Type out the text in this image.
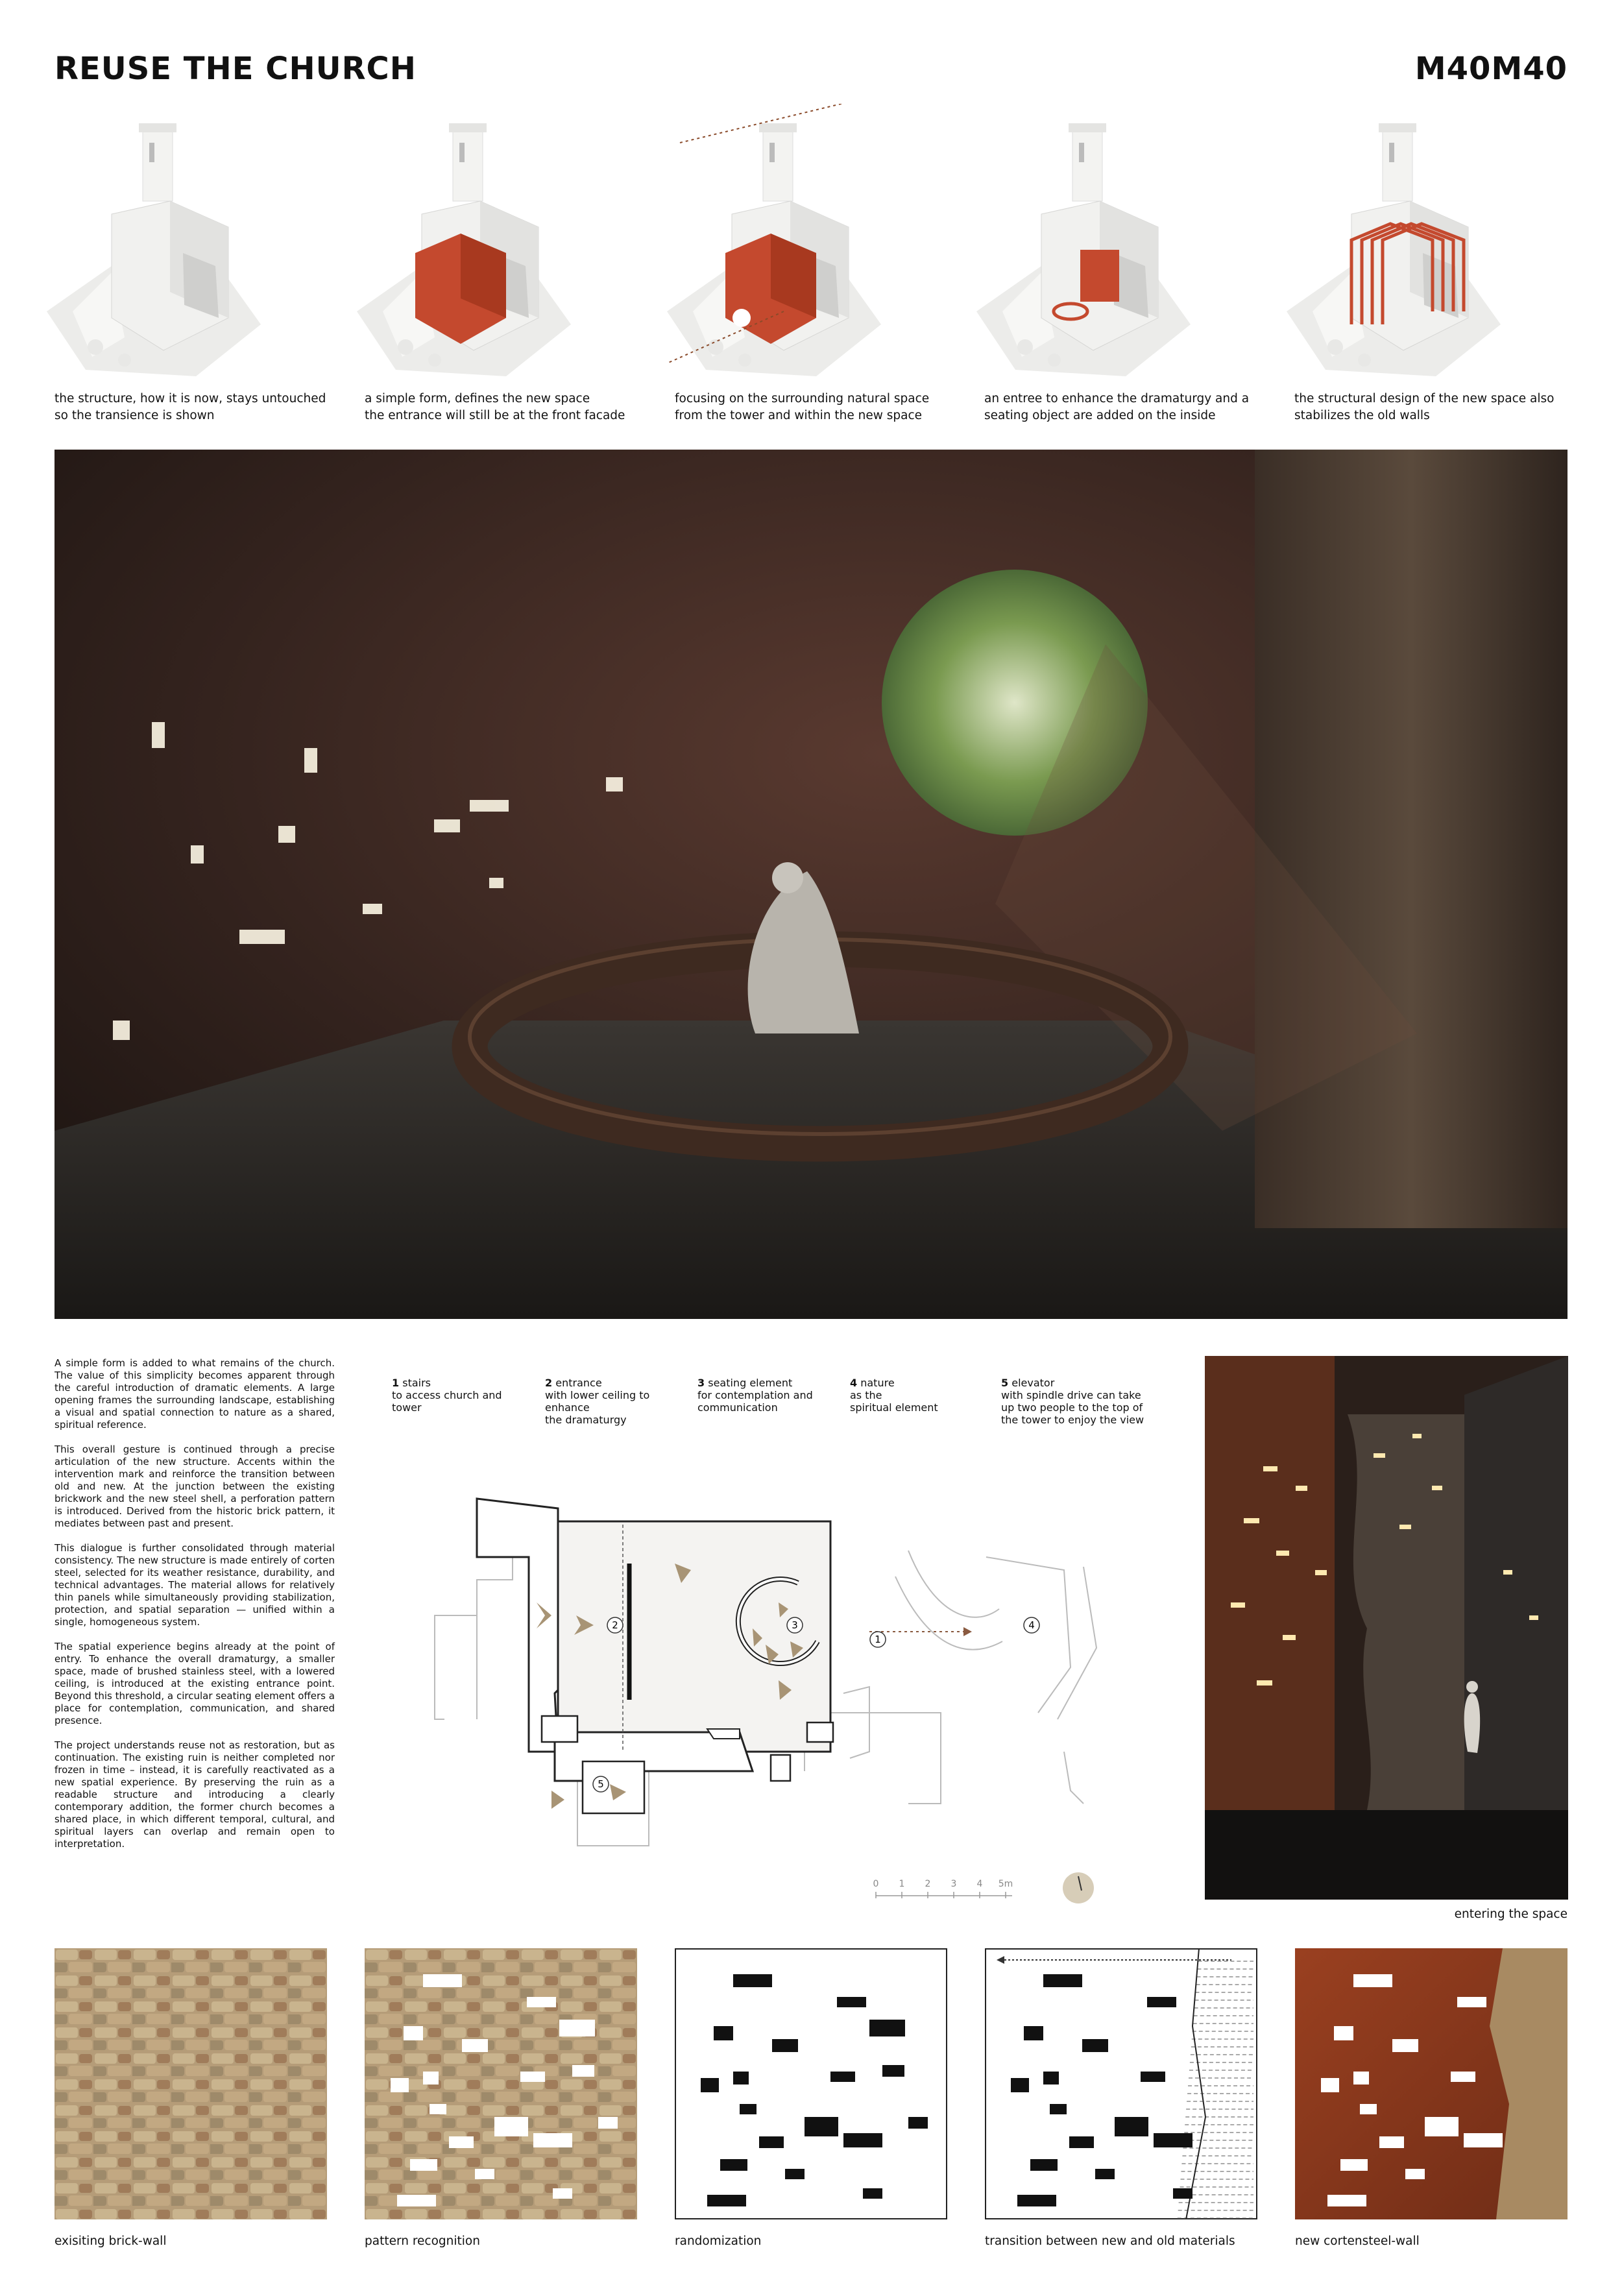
REUSE THE CHURCH	M40M40
the structure, how it is now, stays untouched
so the transience is shown
a simple form, defines the new space
the entrance will still be at the front facade
focusing on the surrounding natural space
from the tower and within the new space
an entree to enhance the dramaturgy and a
seating object are added on the inside
the structural design of the new space also
stabilizes the old walls

A simple form is added to what remains of the church. The value of this simplicity becomes apparent through the careful introduction of dramatic elements. A large opening frames the surrounding landscape, establishing a visual and spatial connection to nature as a shared, spiritual reference.

This overall gesture is continued through a precise articulation of the new structure. Accents within the intervention mark and reinforce the transition between old and new. At the junction between the existing brickwork and the new steel shell, a perforation pattern is introduced. Derived from the historic brick pattern, it mediates between past and present.

This dialogue is further consolidated through material consistency. The new structure is made entirely of corten steel, selected for its weather resistance, durability, and technical advantages. The material allows for relatively thin panels while simultaneously providing stabilization, protection, and spatial separation — unified within a single, homogeneous system.

The spatial experience begins already at the point of entry. To enhance the overall dramaturgy, a smaller space, made of brushed stainless steel, with a lowered ceiling, is introduced at the existing entrance point. Beyond this threshold, a circular seating element offers a place for contemplation, communication, and shared presence.

The project understands reuse not as restoration, but as continuation. The existing ruin is neither completed nor frozen in time – instead, it is carefully reactivated as a new spatial experience. By preserving the ruin as a readable structure and introducing a clearly contemporary addition, the former church becomes a shared place, in which different temporal, cultural, and spiritual layers can overlap and remain open to interpretation.

1 stairs
to access church and
tower
2 entrance
with lower ceiling to
enhance
the dramaturgy
3 seating element
for contemplation and
communication
4 nature
as the
spiritual element
5 elevator
with spindle drive can take
up two people to the top of
the tower to enjoy the view
1
2	3	4
5
0 1 2 3 4 5m
entering the space
exisiting brick-wall	pattern recognition	randomization	transition between new and old materials	new cortensteel-wall
